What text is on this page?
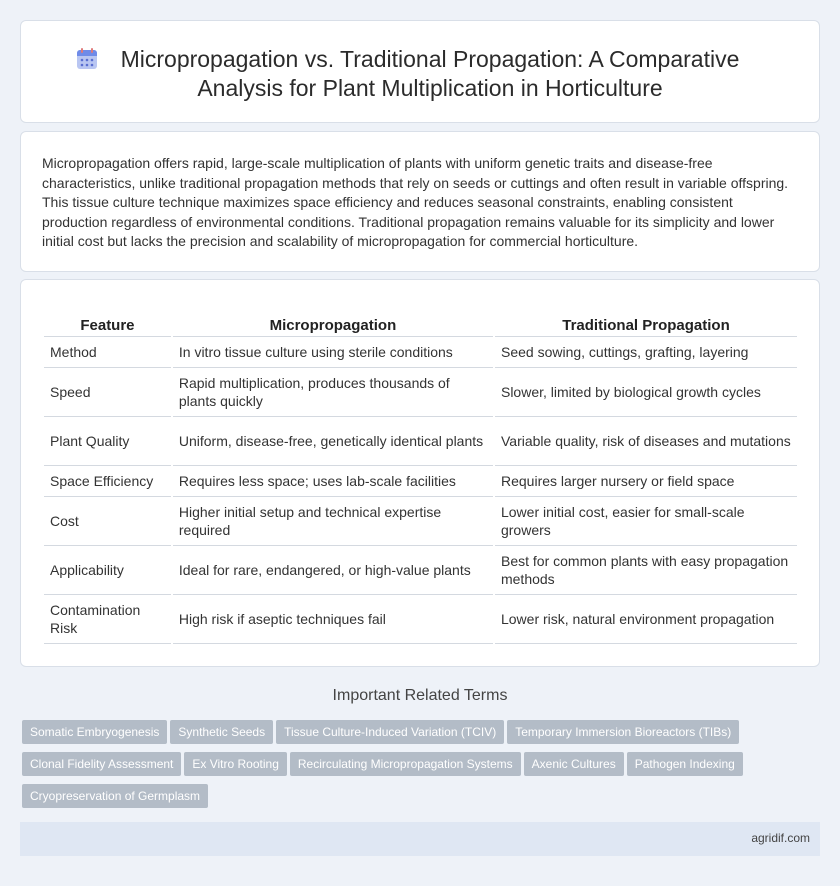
Micropropagation vs. Traditional Propagation: A Comparative Analysis for Plant Multiplication in Horticulture

Micropropagation offers rapid, large-scale multiplication of plants with uniform genetic traits and disease-free characteristics, unlike traditional propagation methods that rely on seeds or cuttings and often result in variable offspring. This tissue culture technique maximizes space efficiency and reduces seasonal constraints, enabling consistent production regardless of environmental conditions. Traditional propagation remains valuable for its simplicity and lower initial cost but lacks the precision and scalability of micropropagation for commercial horticulture.

Feature	Micropropagation	Traditional Propagation
Method	In vitro tissue culture using sterile conditions	Seed sowing, cuttings, grafting, layering
Speed	Rapid multiplication, produces thousands of plants quickly	Slower, limited by biological growth cycles
Plant Quality	Uniform, disease-free, genetically identical plants	Variable quality, risk of diseases and mutations
Space Efficiency	Requires less space; uses lab-scale facilities	Requires larger nursery or field space
Cost	Higher initial setup and technical expertise required	Lower initial cost, easier for small-scale growers
Applicability	Ideal for rare, endangered, or high-value plants	Best for common plants with easy propagation methods
Contamination Risk	High risk if aseptic techniques fail	Lower risk, natural environment propagation
Important Related Terms
Somatic Embryogenesis Synthetic Seeds Tissue Culture-Induced Variation (TCIV) Temporary Immersion Bioreactors (TIBs)Clonal Fidelity Assessment Ex Vitro Rooting Recirculating Micropropagation Systems Axenic Cultures Pathogen IndexingCryopreservation of Germplasm
agridif.com
